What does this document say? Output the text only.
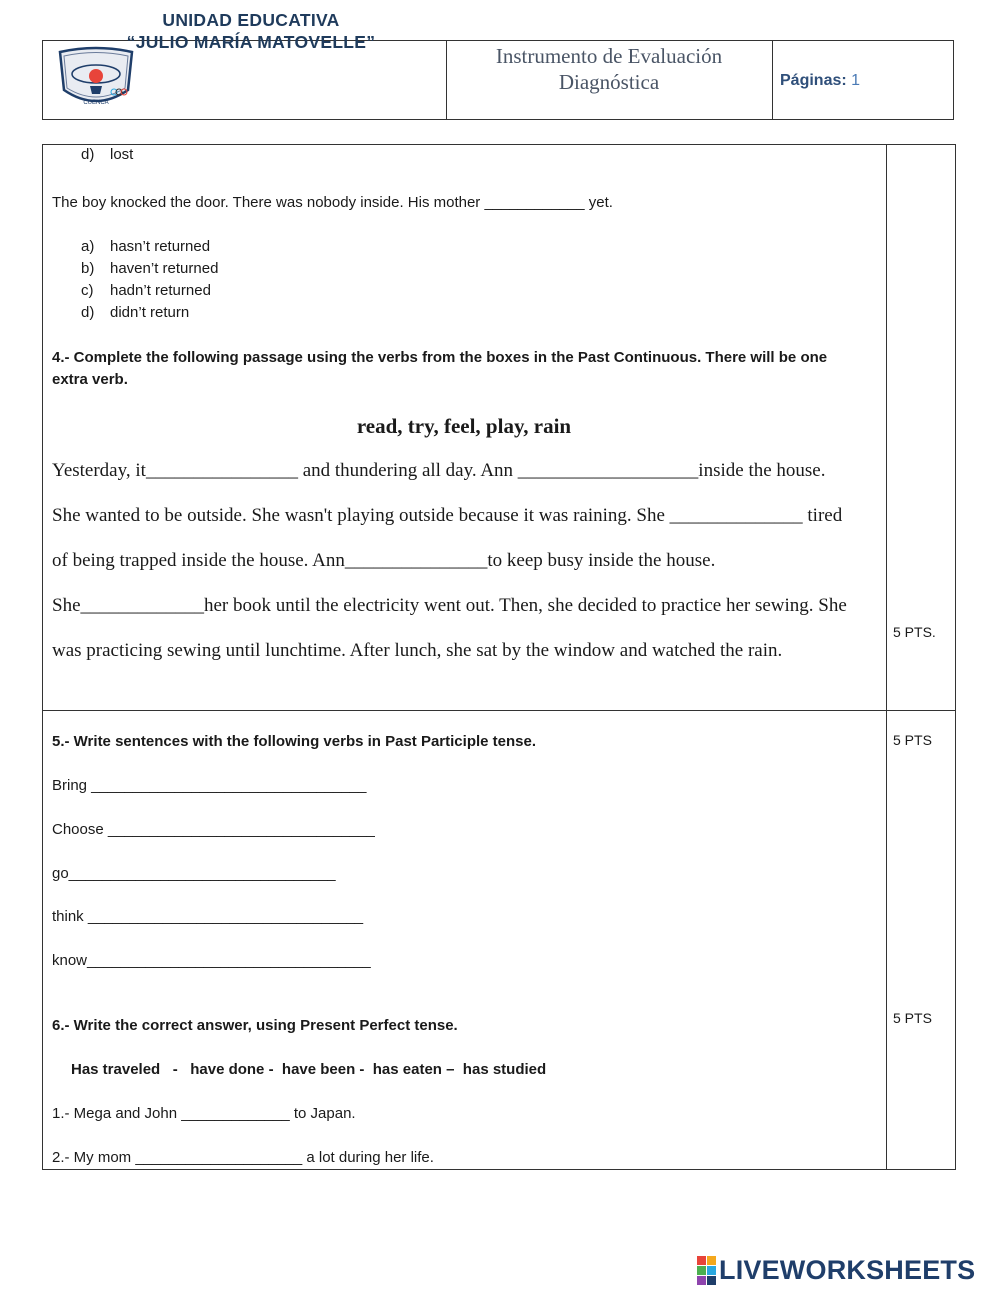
Instrumento de Evaluación
Diagnóstica	Páginas: 1
UNIDAD EDUCATIVA
“JULIO MARÍA MATOVELLE”
CUENCA
d) lost
The boy knocked the door. There was nobody inside. His mother ____________ yet.
a) hasn’t returned
b) haven’t returned
c) hadn’t returned
d) didn’t return
4.- Complete the following passage using the verbs from the boxes in the Past Continuous. There will be one
extra verb.
read, try, feel, play, rain
Yesterday, it________________ and thundering all day. Ann ___________________inside the house.
She wanted to be outside. She wasn't playing outside because it was raining. She ______________ tired
of being trapped inside the house. Ann_______________to keep busy inside the house.
She_____________her book until the electricity went out. Then, she decided to practice her sewing. She
was practicing sewing until lunchtime. After lunch, she sat by the window and watched the rain.
5 PTS.
5.- Write sentences with the following verbs in Past Participle tense.	5 PTS
Bring _________________________________
Choose ________________________________
go________________________________
think _________________________________
know__________________________________
6.- Write the correct answer, using Present Perfect tense.	5 PTS
Has traveled   -   have done -  have been -  has eaten –  has studied
1.- Mega and John _____________ to Japan.
2.- My mom ____________________ a lot during her life.
LIVEWORKSHEETS
